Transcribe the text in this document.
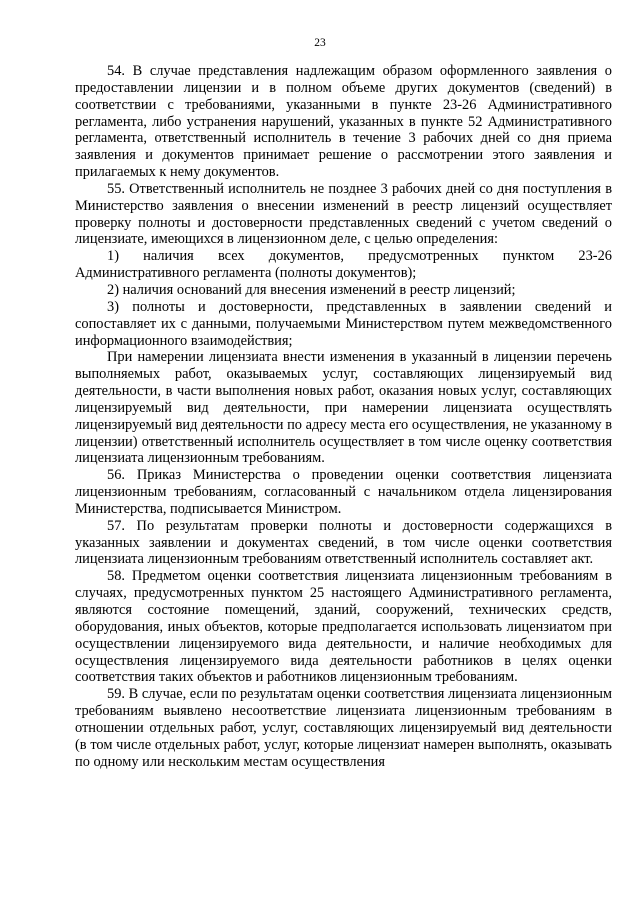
23

54. В случае представления надлежащим образом оформленного заявления о предоставлении лицензии и в полном объеме других документов (сведений) в соответствии с требованиями, указанными в пункте 23-26 Административного регламента, либо устранения нарушений, указанных в пункте 52 Административного регламента, ответственный исполнитель в течение 3 рабочих дней со дня приема заявления и документов принимает решение о рассмотрении этого заявления и прилагаемых к нему документов.

55. Ответственный исполнитель не позднее 3 рабочих дней со дня поступления в Министерство заявления о внесении изменений в реестр лицензий осуществляет проверку полноты и достоверности представленных сведений с учетом сведений о лицензиате, имеющихся в лицензионном деле, с целью определения:

1) наличия всех документов, предусмотренных пунктом 23-26 Административного регламента (полноты документов);

2) наличия оснований для внесения изменений в реестр лицензий;

3) полноты и достоверности, представленных в заявлении сведений и сопоставляет их с данными, получаемыми Министерством путем межведомственного информационного взаимодействия;

При намерении лицензиата внести изменения в указанный в лицензии перечень выполняемых работ, оказываемых услуг, составляющих лицензируемый вид деятельности, в части выполнения новых работ, оказания новых услуг, составляющих лицензируемый вид деятельности, при намерении лицензиата осуществлять лицензируемый вид деятельности по адресу места его осуществления, не указанному в лицензии) ответственный исполнитель осуществляет в том числе оценку соответствия лицензиата лицензионным требованиям.

56. Приказ Министерства о проведении оценки соответствия лицензиата лицензионным требованиям, согласованный с начальником отдела лицензирования Министерства, подписывается Министром.

57. По результатам проверки полноты и достоверности содержащихся в указанных заявлении и документах сведений, в том числе оценки соответствия лицензиата лицензионным требованиям ответственный исполнитель составляет акт.

58. Предметом оценки соответствия лицензиата лицензионным требованиям в случаях, предусмотренных пунктом 25 настоящего Административного регламента, являются состояние помещений, зданий, сооружений, технических средств, оборудования, иных объектов, которые предполагается использовать лицензиатом при осуществлении лицензируемого вида деятельности, и наличие необходимых для осуществления лицензируемого вида деятельности работников в целях оценки соответствия таких объектов и работников лицензионным требованиям.

59. В случае, если по результатам оценки соответствия лицензиата лицензионным требованиям выявлено несоответствие лицензиата лицензионным требованиям в отношении отдельных работ, услуг, составляющих лицензируемый вид деятельности (в том числе отдельных работ, услуг, которые лицензиат намерен выполнять, оказывать по одному или нескольким местам осуществления
